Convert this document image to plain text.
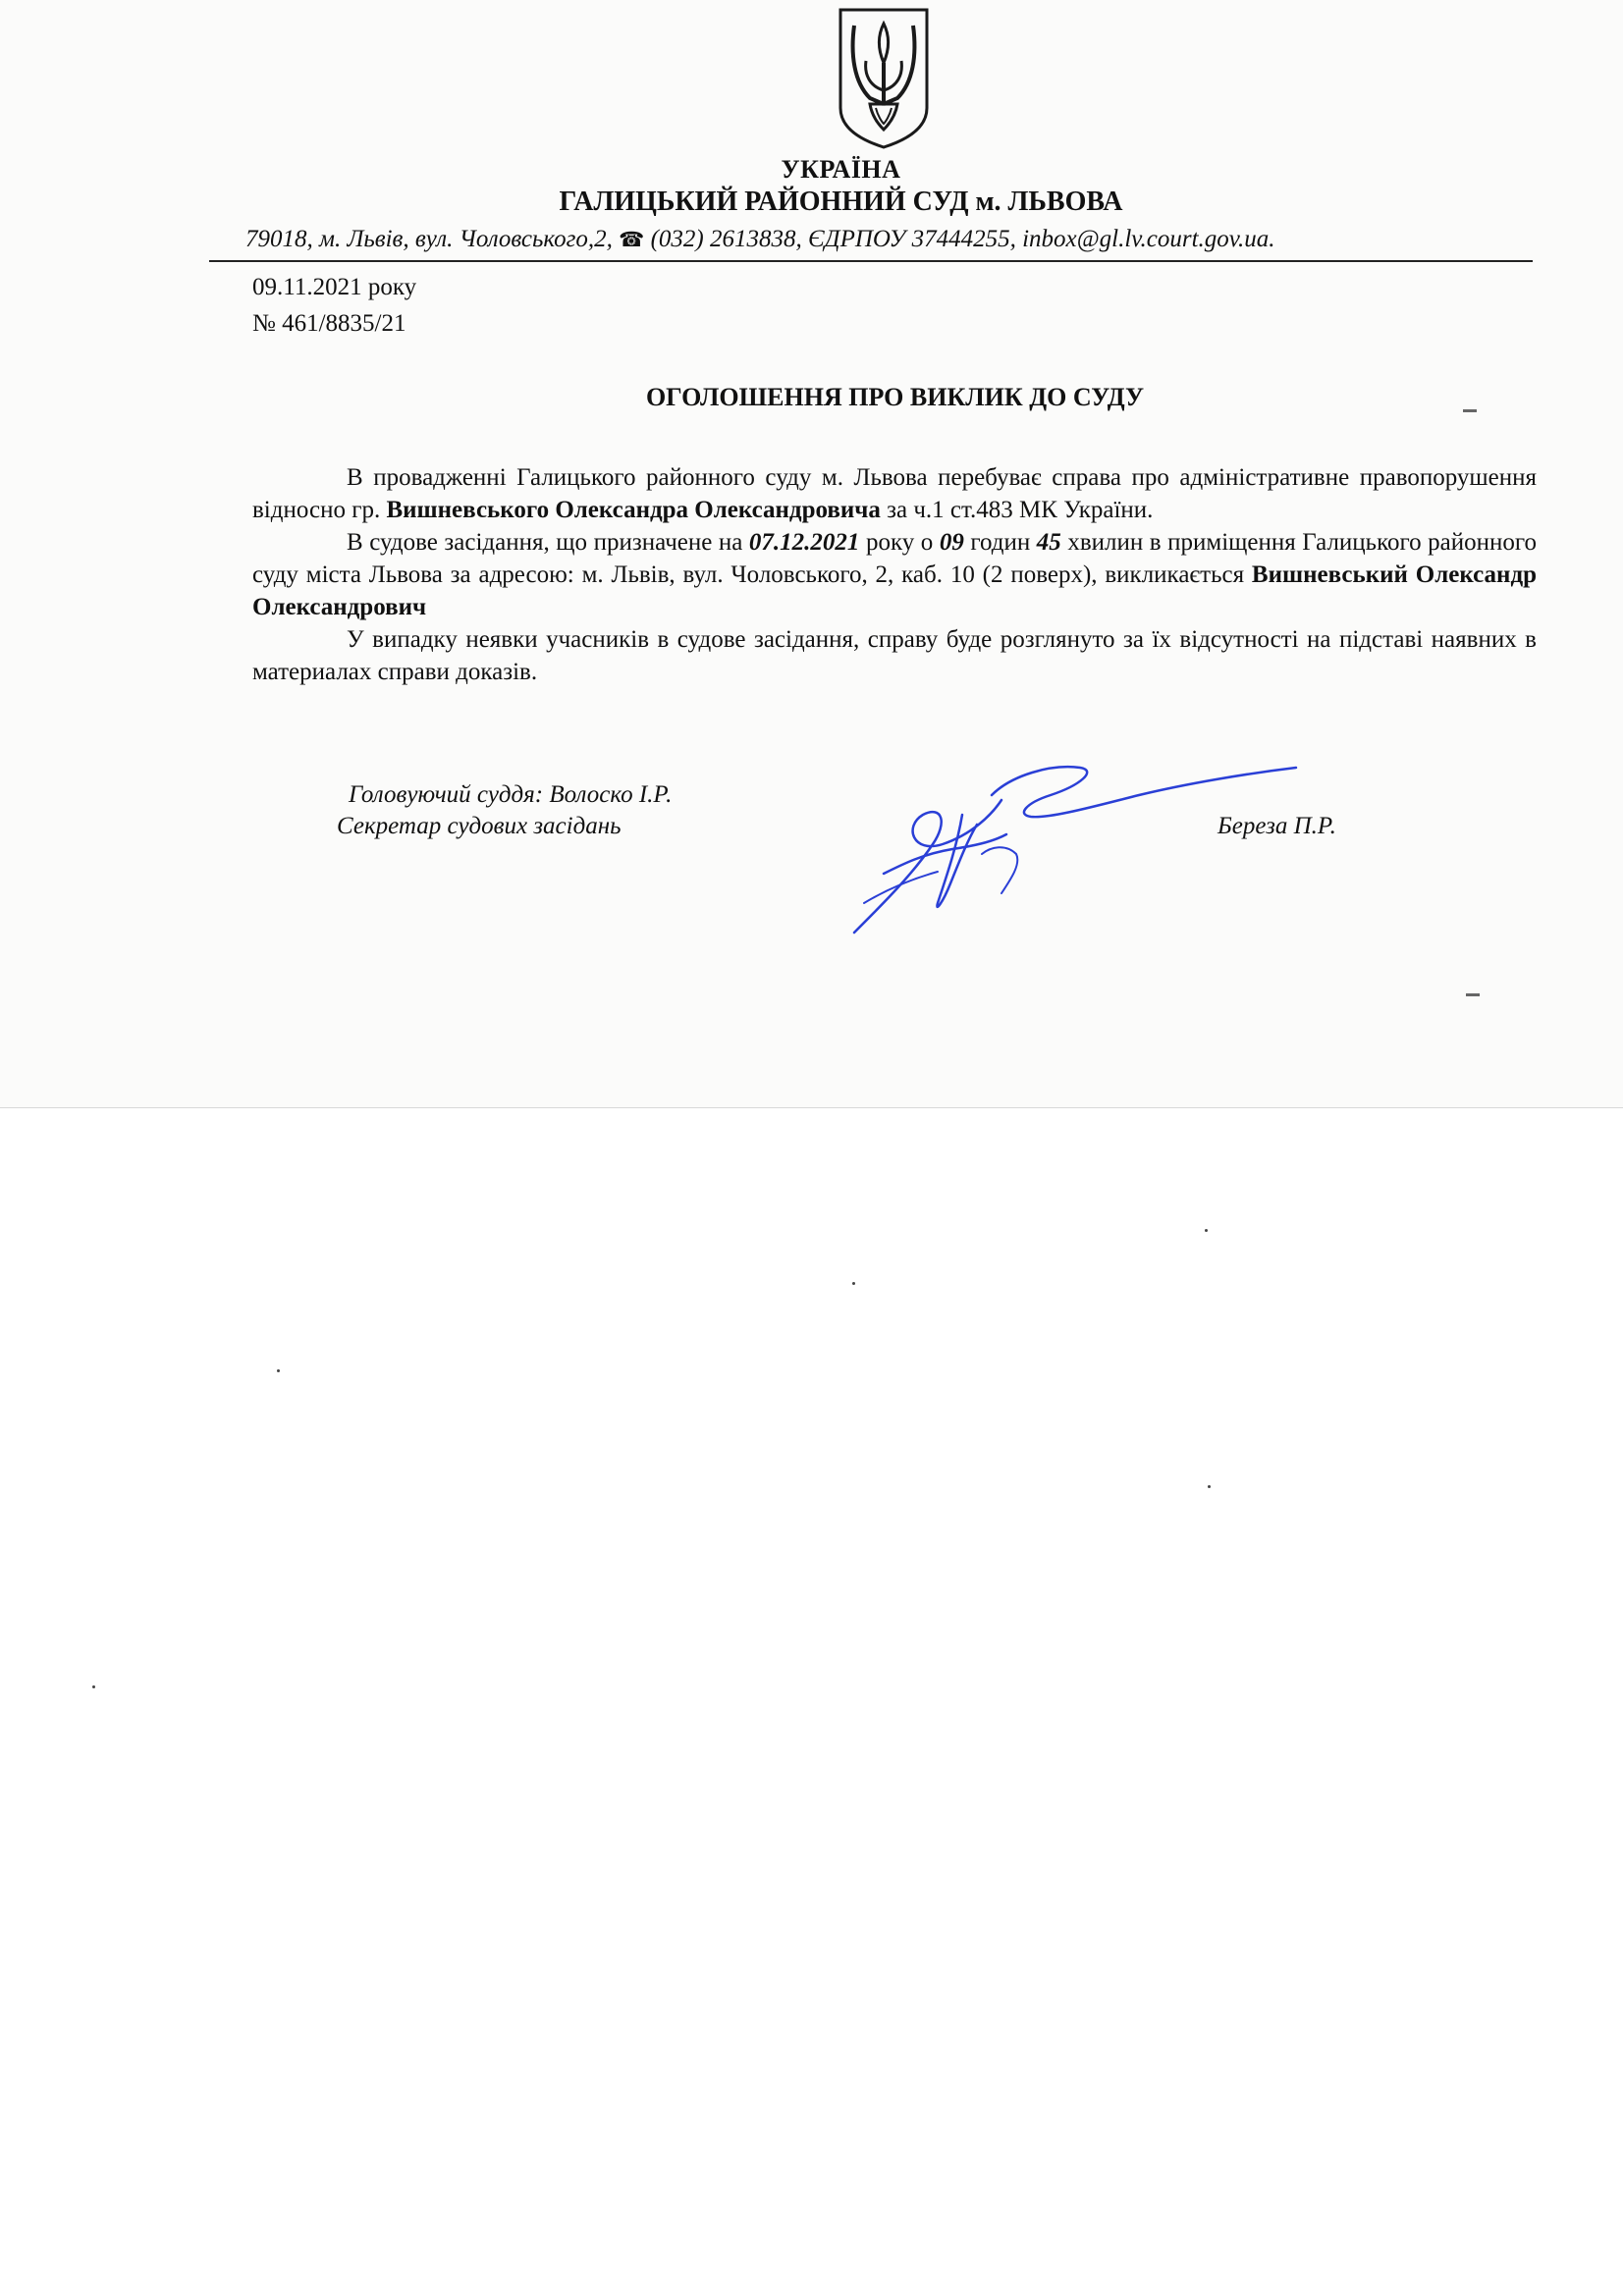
УКРАЇНА
ГАЛИЦЬКИЙ РАЙОННИЙ СУД м. ЛЬВОВА
79018, м. Львів, вул. Чоловського,2, ☎ (032) 2613838, ЄДРПОУ 37444255, inbox@gl.lv.court.gov.ua.
09.11.2021 року
№ 461/8835/21
ОГОЛОШЕННЯ ПРО ВИКЛИК ДО СУДУ

В провадженні Галицького районного суду м. Львова перебуває справа про адміністративне правопорушення відносно гр. Вишневського Олександра Олександровича за ч.1 ст.483 МК України.

В судове засідання, що призначене на 07.12.2021 року о 09 годин 45 хвилин в приміщення Галицького районного суду міста Львова за адресою: м. Львів, вул. Чоловського, 2, каб. 10 (2 поверх), викликається Вишневський Олександр Олександрович

У випадку неявки учасників в судове засідання, справу буде розглянуто за їх відсутності на підставі наявних в материалах справи доказів.

Головуючий суддя: Волоско І.Р.
Секретар судових засідань	Береза П.Р.
